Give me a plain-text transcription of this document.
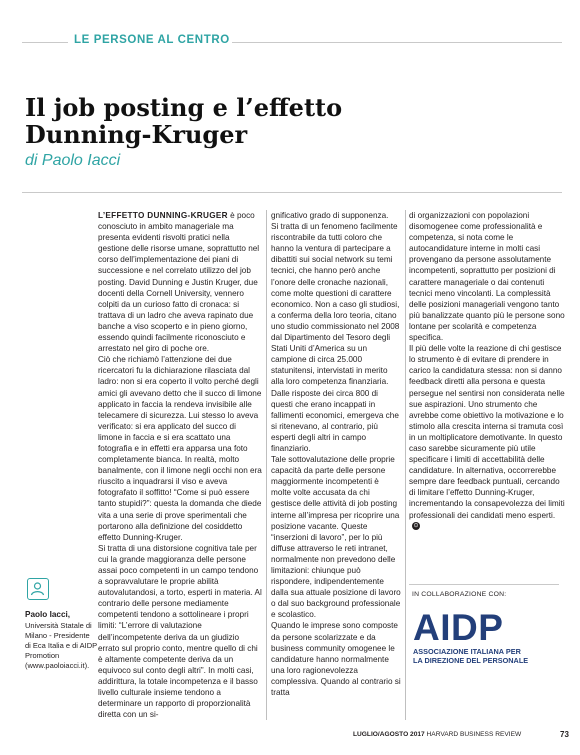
LE PERSONE AL CENTRO
Il job posting e l’effetto Dunning-Kruger
di Paolo Iacci

L’EFFETTO DUNNING-KRUGER è poco conosciuto in ambito manageriale ma presenta evidenti risvolti pratici nella gestione delle risorse umane, soprattutto nel corso dell’implementazione dei piani di successione e nel correlato utilizzo del job posting. David Dunning e Justin Kruger, due docenti della Cornell University, vennero colpiti da un curioso fatto di cronaca: si trattava di un ladro che aveva rapinato due banche a viso scoperto e in pieno giorno, essendo quindi facilmente riconosciuto e arrestato nel giro di poche ore.

Ciò che richiamò l’attenzione dei due ricercatori fu la dichiarazione rilasciata dal ladro: non si era coperto il volto perché degli amici gli avevano detto che il succo di limone applicato in faccia la rendeva invisibile alle telecamere di sicurezza. Lui stesso lo aveva verificato: si era applicato del succo di limone in faccia e si era scattato una fotografia e in effetti era apparsa una foto completamente bianca. In realtà, molto banalmente, con il limone negli occhi non era riuscito a inquadrarsi il viso e aveva fotografato il soffitto! “Come si può essere tanto stupidi?”: questa la domanda che diede vita a una serie di prove sperimentali che portarono alla definizione del cosiddetto effetto Dunning-Kruger.

Si tratta di una distorsione cognitiva tale per cui la grande maggioranza delle persone assai poco competenti in un campo tendono a sopravvalutare le proprie abilità autovalutandosi, a torto, esperti in materia. Al contrario delle persone mediamente competenti tendono a sottolineare i propri limiti: “L’errore di valutazione dell’incompetente deriva da un giudizio errato sul proprio conto, mentre quello di chi è altamente competente deriva da un equivoco sul conto degli altri”. In molti casi, addirittura, la totale incompetenza e il basso livello culturale insieme tendono a determinare un rapporto di proporzionalità diretta con un si-

gnificativo grado di supponenza.

Si tratta di un fenomeno facilmente riscontrabile da tutti coloro che hanno la ventura di partecipare a dibattiti sui social network su temi tecnici, che hanno però anche l’onore delle cronache nazionali, come molte questioni di carattere economico. Non a caso gli studiosi, a conferma della loro teoria, citano uno studio commissionato nel 2008 dal Dipartimento del Tesoro degli Stati Uniti d’America su un campione di circa 25.000 statunitensi, intervistati in merito alla loro competenza finanziaria. Dalle risposte dei circa 800 di questi che erano incappati in fallimenti economici, emergeva che si ritenevano, al contrario, più esperti degli altri in campo finanziario.

Tale sottovalutazione delle proprie capacità da parte delle persone maggiormente incompetenti è molte volte accusata da chi gestisce delle attività di job posting interne all’impresa per ricoprire una posizione vacante. Queste “inserzioni di lavoro”, per lo più diffuse attraverso le reti intranet, normalmente non prevedono delle limitazioni: chiunque può rispondere, indipendentemente dalla sua attuale posizione di lavoro o dal suo background professionale e scolastico.

Quando le imprese sono composte da persone scolarizzate e da business community omogenee le candidature hanno normalmente una loro ragionevolezza complessiva. Quando al contrario si tratta

di organizzazioni con popolazioni disomogenee come professionalità e competenza, si nota come le autocandidature interne in molti casi provengano da persone assolutamente incompetenti, soprattutto per posizioni di carattere manageriale o dai contenuti tecnici meno vincolanti. La complessità delle posizioni manageriali vengono tanto più banalizzate quanto più le persone sono lontane per scolarità e competenza specifica.

Il più delle volte la reazione di chi gestisce lo strumento è di evitare di prendere in carico la candidatura stessa: non si danno feedback diretti alla persona e questa persegue nel sentirsi non considerata nelle sue aspirazioni. Uno strumento che avrebbe come obiettivo la motivazione e lo stimolo alla crescita interna si tramuta così in un moltiplicatore demotivante. In questo caso sarebbe sicuramente più utile specificare i limiti di accettabilità delle candidature. In alternativa, occorrerebbe sempre dare feedback puntuali, cercando di limitare l’effetto Dunning-Kruger, incrementando la consapevolezza dei limiti professionali dei candidati meno esperti.⊙

IN COLLABORAZIONE CON:
AIDP
ASSOCIAZIONE ITALIANA PER
LA DIREZIONE DEL PERSONALE
Paolo Iacci,
Università Statale di Milano - Presidente di Eca Italia e di AIDP Promotion (www.paoloiacci.it).
LUGLIO/AGOSTO 2017 HARVARD BUSINESS REVIEW	73
